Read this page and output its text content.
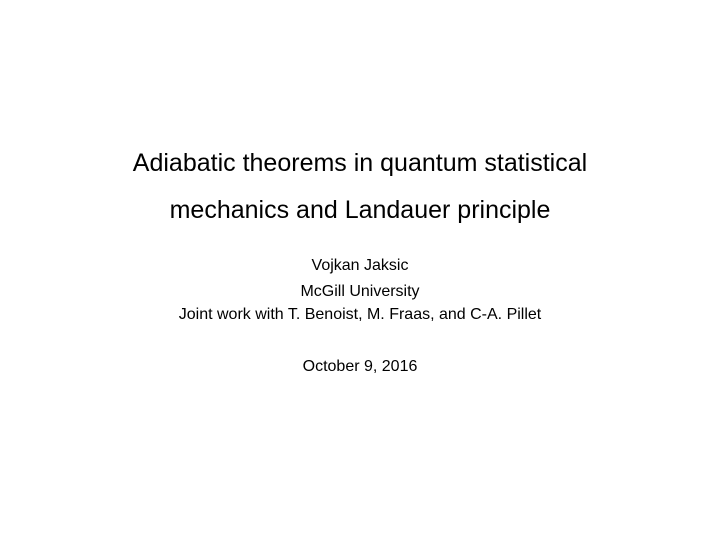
Adiabatic theorems in quantum statistical
mechanics and Landauer principle
Vojkan Jaksic
McGill University
Joint work with T. Benoist, M. Fraas, and C-A. Pillet
October 9, 2016
